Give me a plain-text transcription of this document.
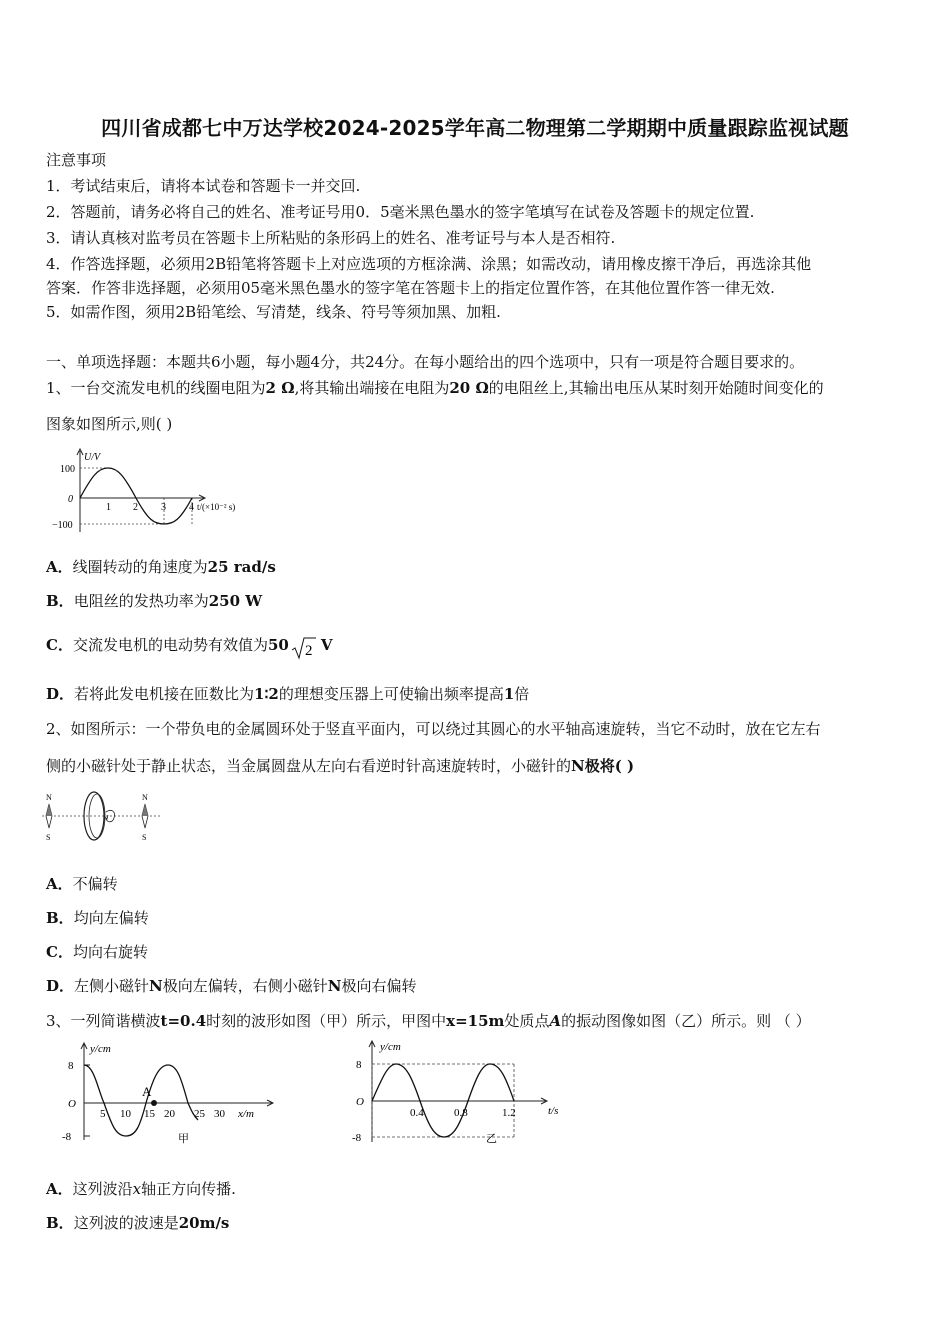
四川省成都七中万达学校2024-2025学年高二物理第二学期期中质量跟踪监视试题
注意事项
1．考试结束后，请将本试卷和答题卡一并交回.
2．答题前，请务必将自己的姓名、准考证号用0．5毫米黑色墨水的签字笔填写在试卷及答题卡的规定位置.
3．请认真核对监考员在答题卡上所粘贴的条形码上的姓名、准考证号与本人是否相符.
4．作答选择题，必须用2B铅笔将答题卡上对应选项的方框涂满、涂黑；如需改动，请用橡皮擦干净后，再选涂其他
答案．作答非选择题，必须用05毫米黑色墨水的签字笔在答题卡上的指定位置作答，在其他位置作答一律无效.
5．如需作图，须用2B铅笔绘、写清楚，线条、符号等须加黑、加粗.
一、单项选择题：本题共6小题，每小题4分，共24分。在每小题给出的四个选项中，只有一项是符合题目要求的。
1、一台交流发电机的线圈电阻为2 Ω,将其输出端接在电阻为20 Ω的电阻丝上,其输出电压从某时刻开始随时间变化的
图象如图所示,则( )
U/V
100
−100
0
1 2 3 4 t/(×10⁻² s)
A．线圈转动的角速度为25 rad/s
B．电阻丝的发热功率为250 W
C．交流发电机的电动势有效值为50 2 V
D．若将此发电机接在匝数比为1∶2的理想变压器上可使输出频率提高1倍
2、如图所示：一个带负电的金属圆环处于竖直平面内，可以绕过其圆心的水平轴高速旋转，当它不动时，放在它左右
侧的小磁针处于静止状态，当金属圆盘从左向右看逆时针高速旋转时，小磁针的N极将( )
N
S
N
S
A．不偏转
B．均向左偏转
C．均向右旋转
D．左侧小磁针N极向左偏转，右侧小磁针N极向右偏转
3、一列简谐横波t=0.4时刻的波形如图（甲）所示，甲图中x=15m处质点A的振动图像如图（乙）所示。则 （ ）
A
y/cm
8
-8
O
5 10 15 20 25 30 x/m
甲
y/cm
8
-8
O
0.4	0.8	1.2	t/s
乙
A．这列波沿x轴正方向传播.
B．这列波的波速是20m/s
